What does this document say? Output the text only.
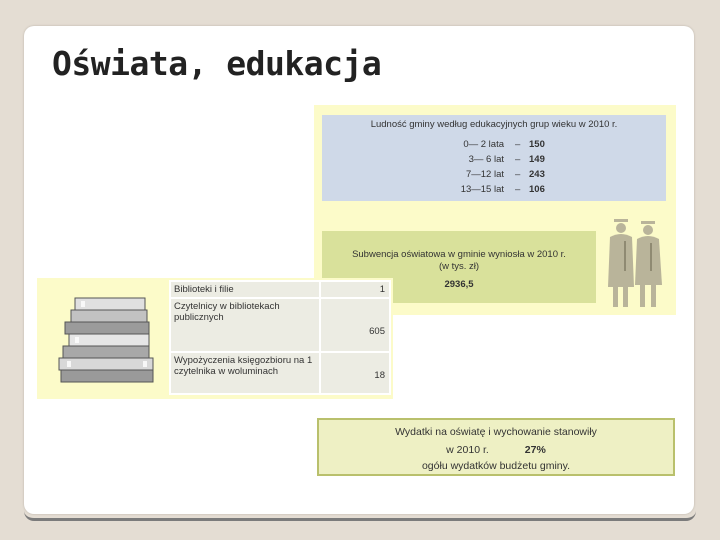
Oświata, edukacja
Ludność gminy według edukacyjnych grup wieku w 2010 r.
0— 2 lata – 150
3— 6 lat – 149
7—12 lat – 243
13—15 lat – 106
Subwencja oświatowa w gminie wyniosła w 2010 r.
(w tys. zł)
2936,5
Biblioteki i filie	1
Czytelnicy w bibliotekach publicznych	605
Wypożyczenia księgozbioru na 1 czytelnika w woluminach	18
Wydatki na oświatę i wychowanie stanowiły
w 2010 r.	27%
ogółu wydatków budżetu gminy.
